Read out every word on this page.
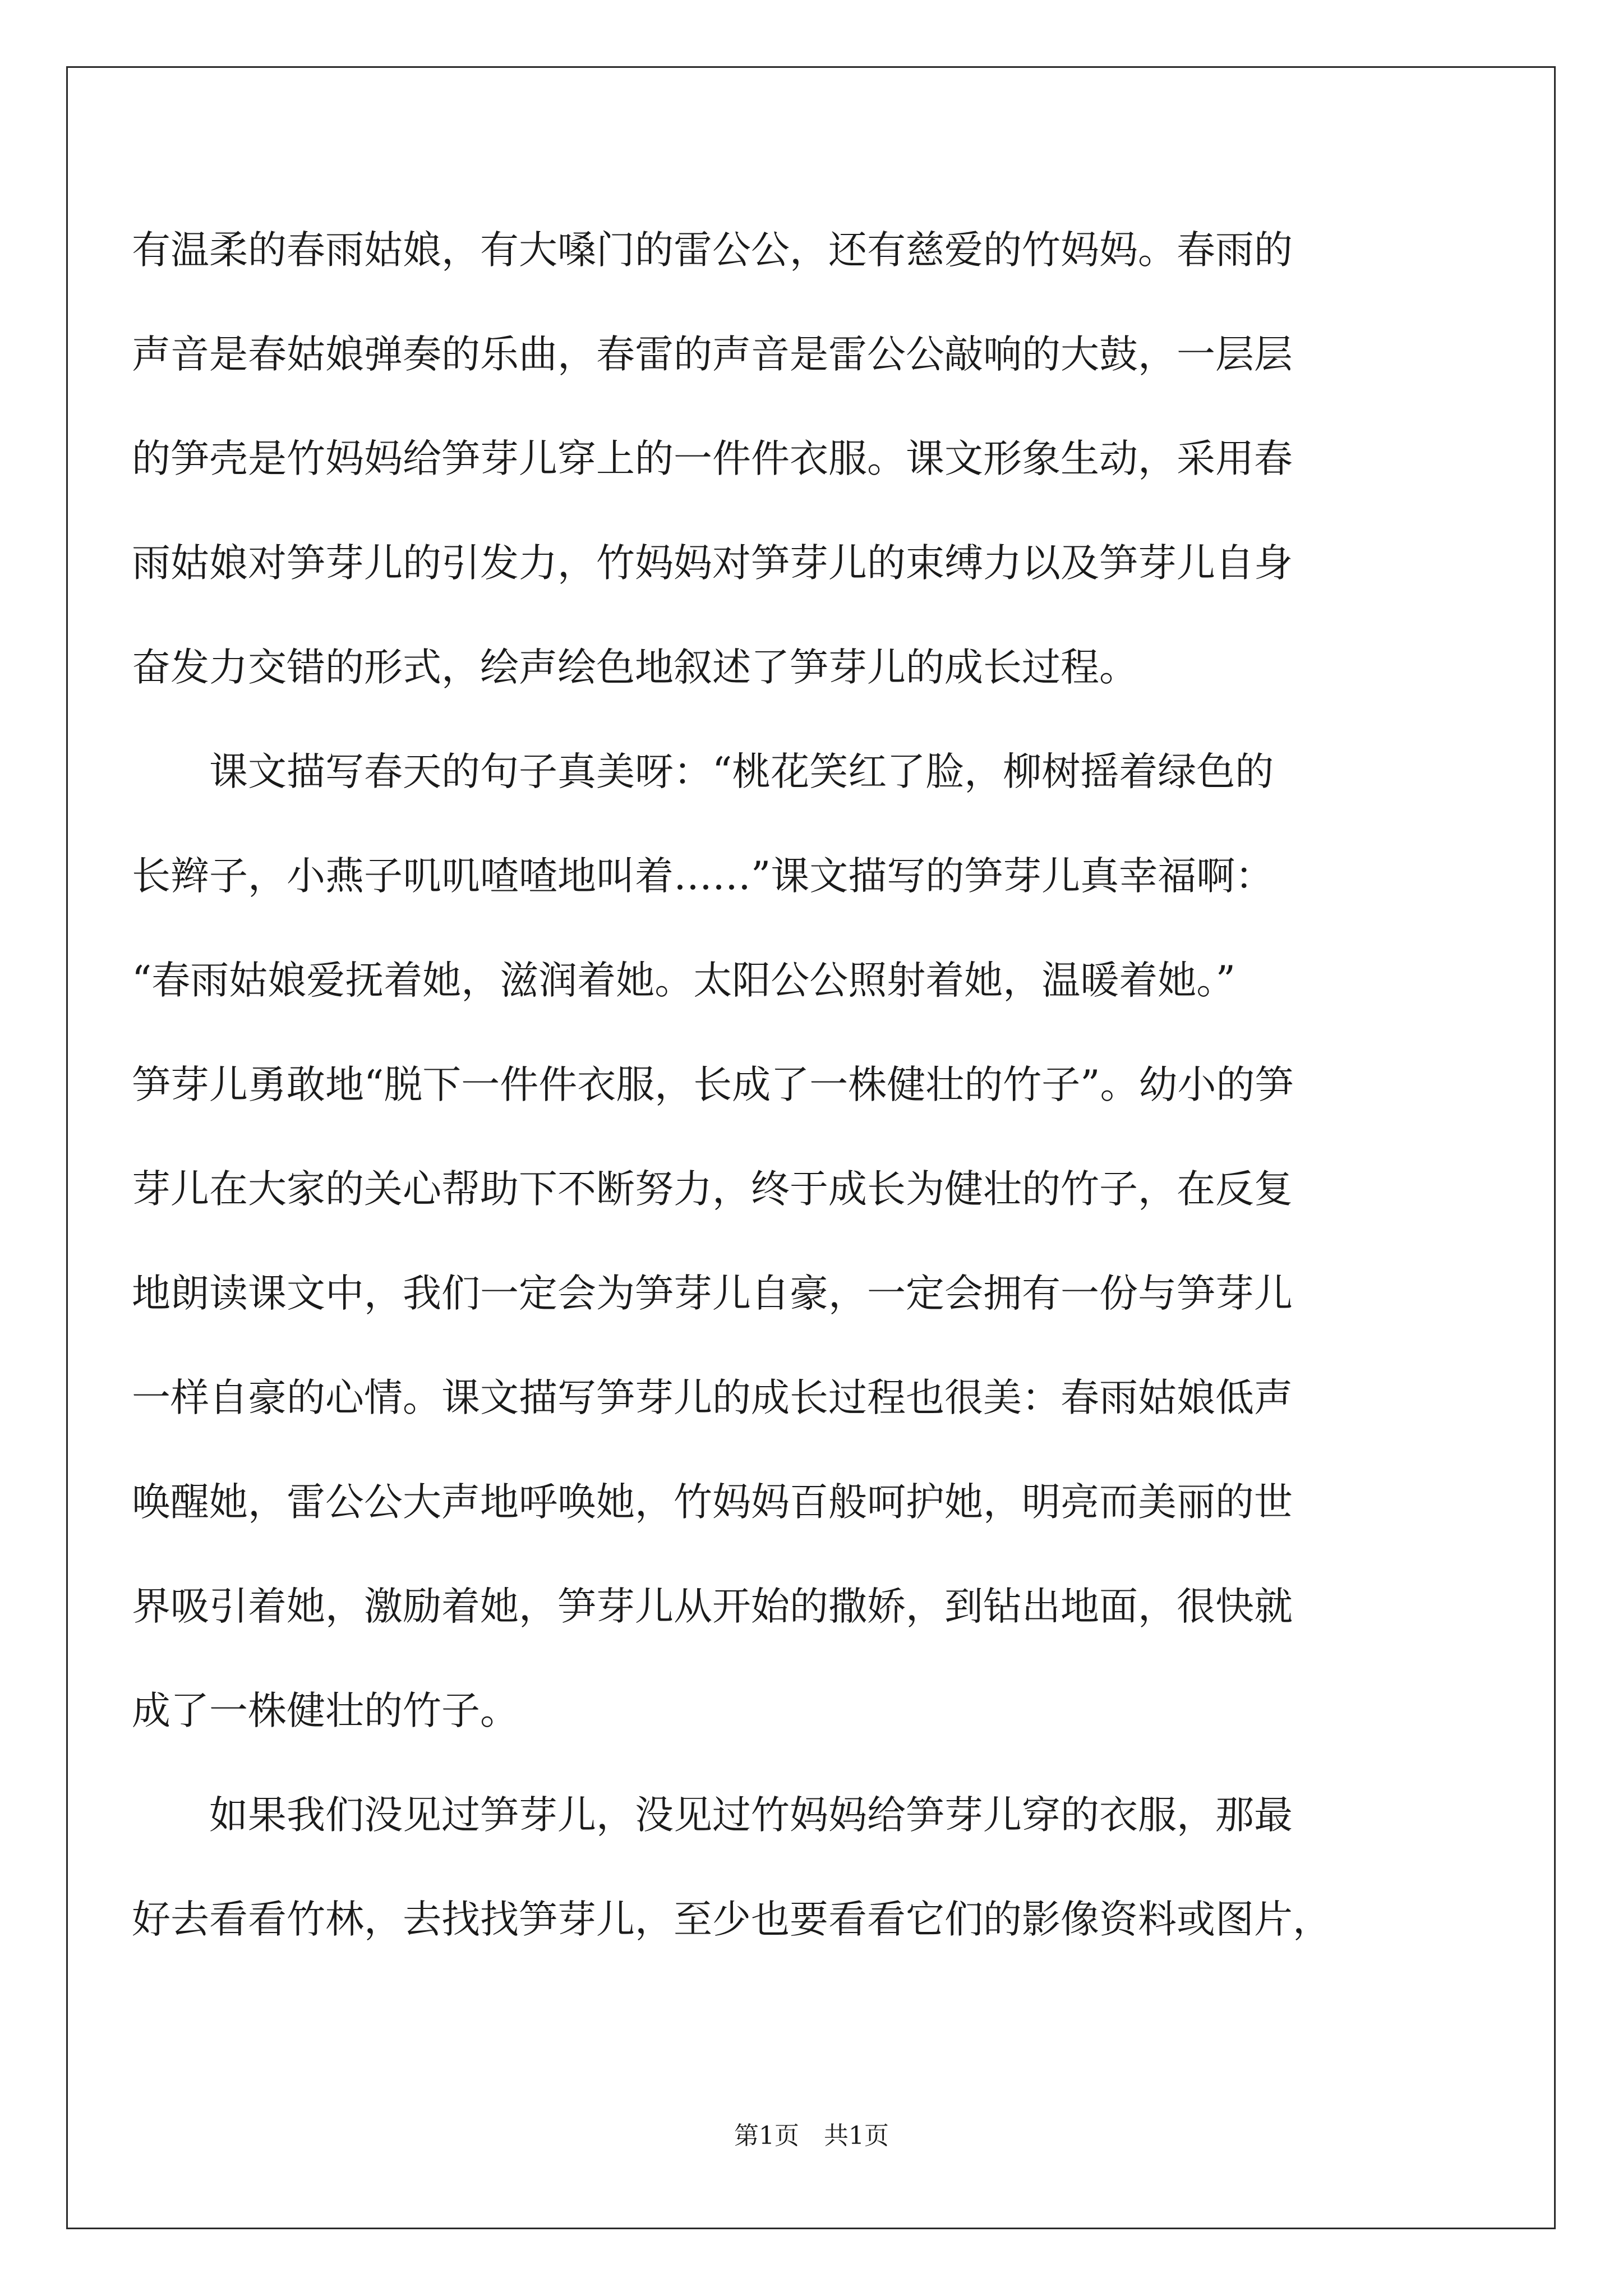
有温柔的春雨姑娘，有大嗓门的雷公公，还有慈爱的竹妈妈。春雨的
声音是春姑娘弹奏的乐曲，春雷的声音是雷公公敲响的大鼓，一层层
的笋壳是竹妈妈给笋芽儿穿上的一件件衣服。课文形象生动，采用春
雨姑娘对笋芽儿的引发力，竹妈妈对笋芽儿的束缚力以及笋芽儿自身
奋发力交错的形式，绘声绘色地叙述了笋芽儿的成长过程。
　　课文描写春天的句子真美呀：“桃花笑红了脸，柳树摇着绿色的
长辫子，小燕子叽叽喳喳地叫着……”课文描写的笋芽儿真幸福啊：
“春雨姑娘爱抚着她，滋润着她。太阳公公照射着她，温暖着她。”
笋芽儿勇敢地“脱下一件件衣服，长成了一株健壮的竹子”。幼小的笋
芽儿在大家的关心帮助下不断努力，终于成长为健壮的竹子，在反复
地朗读课文中，我们一定会为笋芽儿自豪，一定会拥有一份与笋芽儿
一样自豪的心情。课文描写笋芽儿的成长过程也很美：春雨姑娘低声
唤醒她，雷公公大声地呼唤她，竹妈妈百般呵护她，明亮而美丽的世
界吸引着她，激励着她，笋芽儿从开始的撒娇，到钻出地面，很快就
成了一株健壮的竹子。
　　如果我们没见过笋芽儿，没见过竹妈妈给笋芽儿穿的衣服，那最
好去看看竹林，去找找笋芽儿，至少也要看看它们的影像资料或图片，
第1页　共1页
